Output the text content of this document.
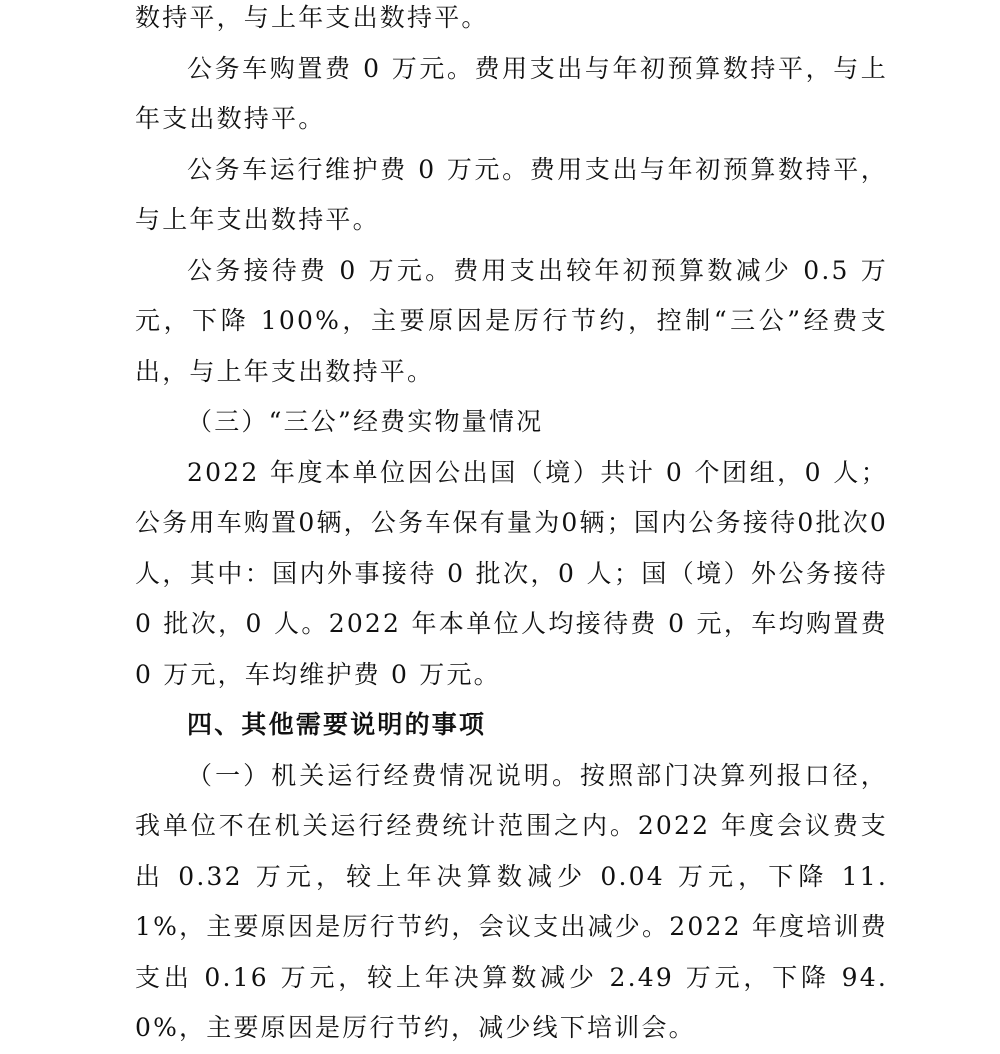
数持平，与上年支出数持平。

公务车购置费 0 万元。费用支出与年初预算数持平，与上年支出数持平。

公务车运行维护费 0 万元。费用支出与年初预算数持平，与上年支出数持平。

公务接待费 0 万元。费用支出较年初预算数减少 0.5 万元，下降 100%，主要原因是厉行节约，控制“三公”经费支出，与上年支出数持平。

（三）“三公”经费实物量情况

2022 年度本单位因公出国（境）共计 0 个团组，0 人；公务用车购置0辆，公务车保有量为0辆；国内公务接待0批次0人，其中：国内外事接待 0 批次，0 人；国（境）外公务接待 0 批次，0 人。2022 年本单位人均接待费 0 元，车均购置费 0 万元，车均维护费 0 万元。

四、其他需要说明的事项

（一）机关运行经费情况说明。按照部门决算列报口径，我单位不在机关运行经费统计范围之内。2022 年度会议费支出 0.32 万元，较上年决算数减少 0.04 万元，下降 11.1%，主要原因是厉行节约，会议支出减少。2022 年度培训费支出 0.16 万元，较上年决算数减少 2.49 万元，下降 94.0%，主要原因是厉行节约，减少线下培训会。
